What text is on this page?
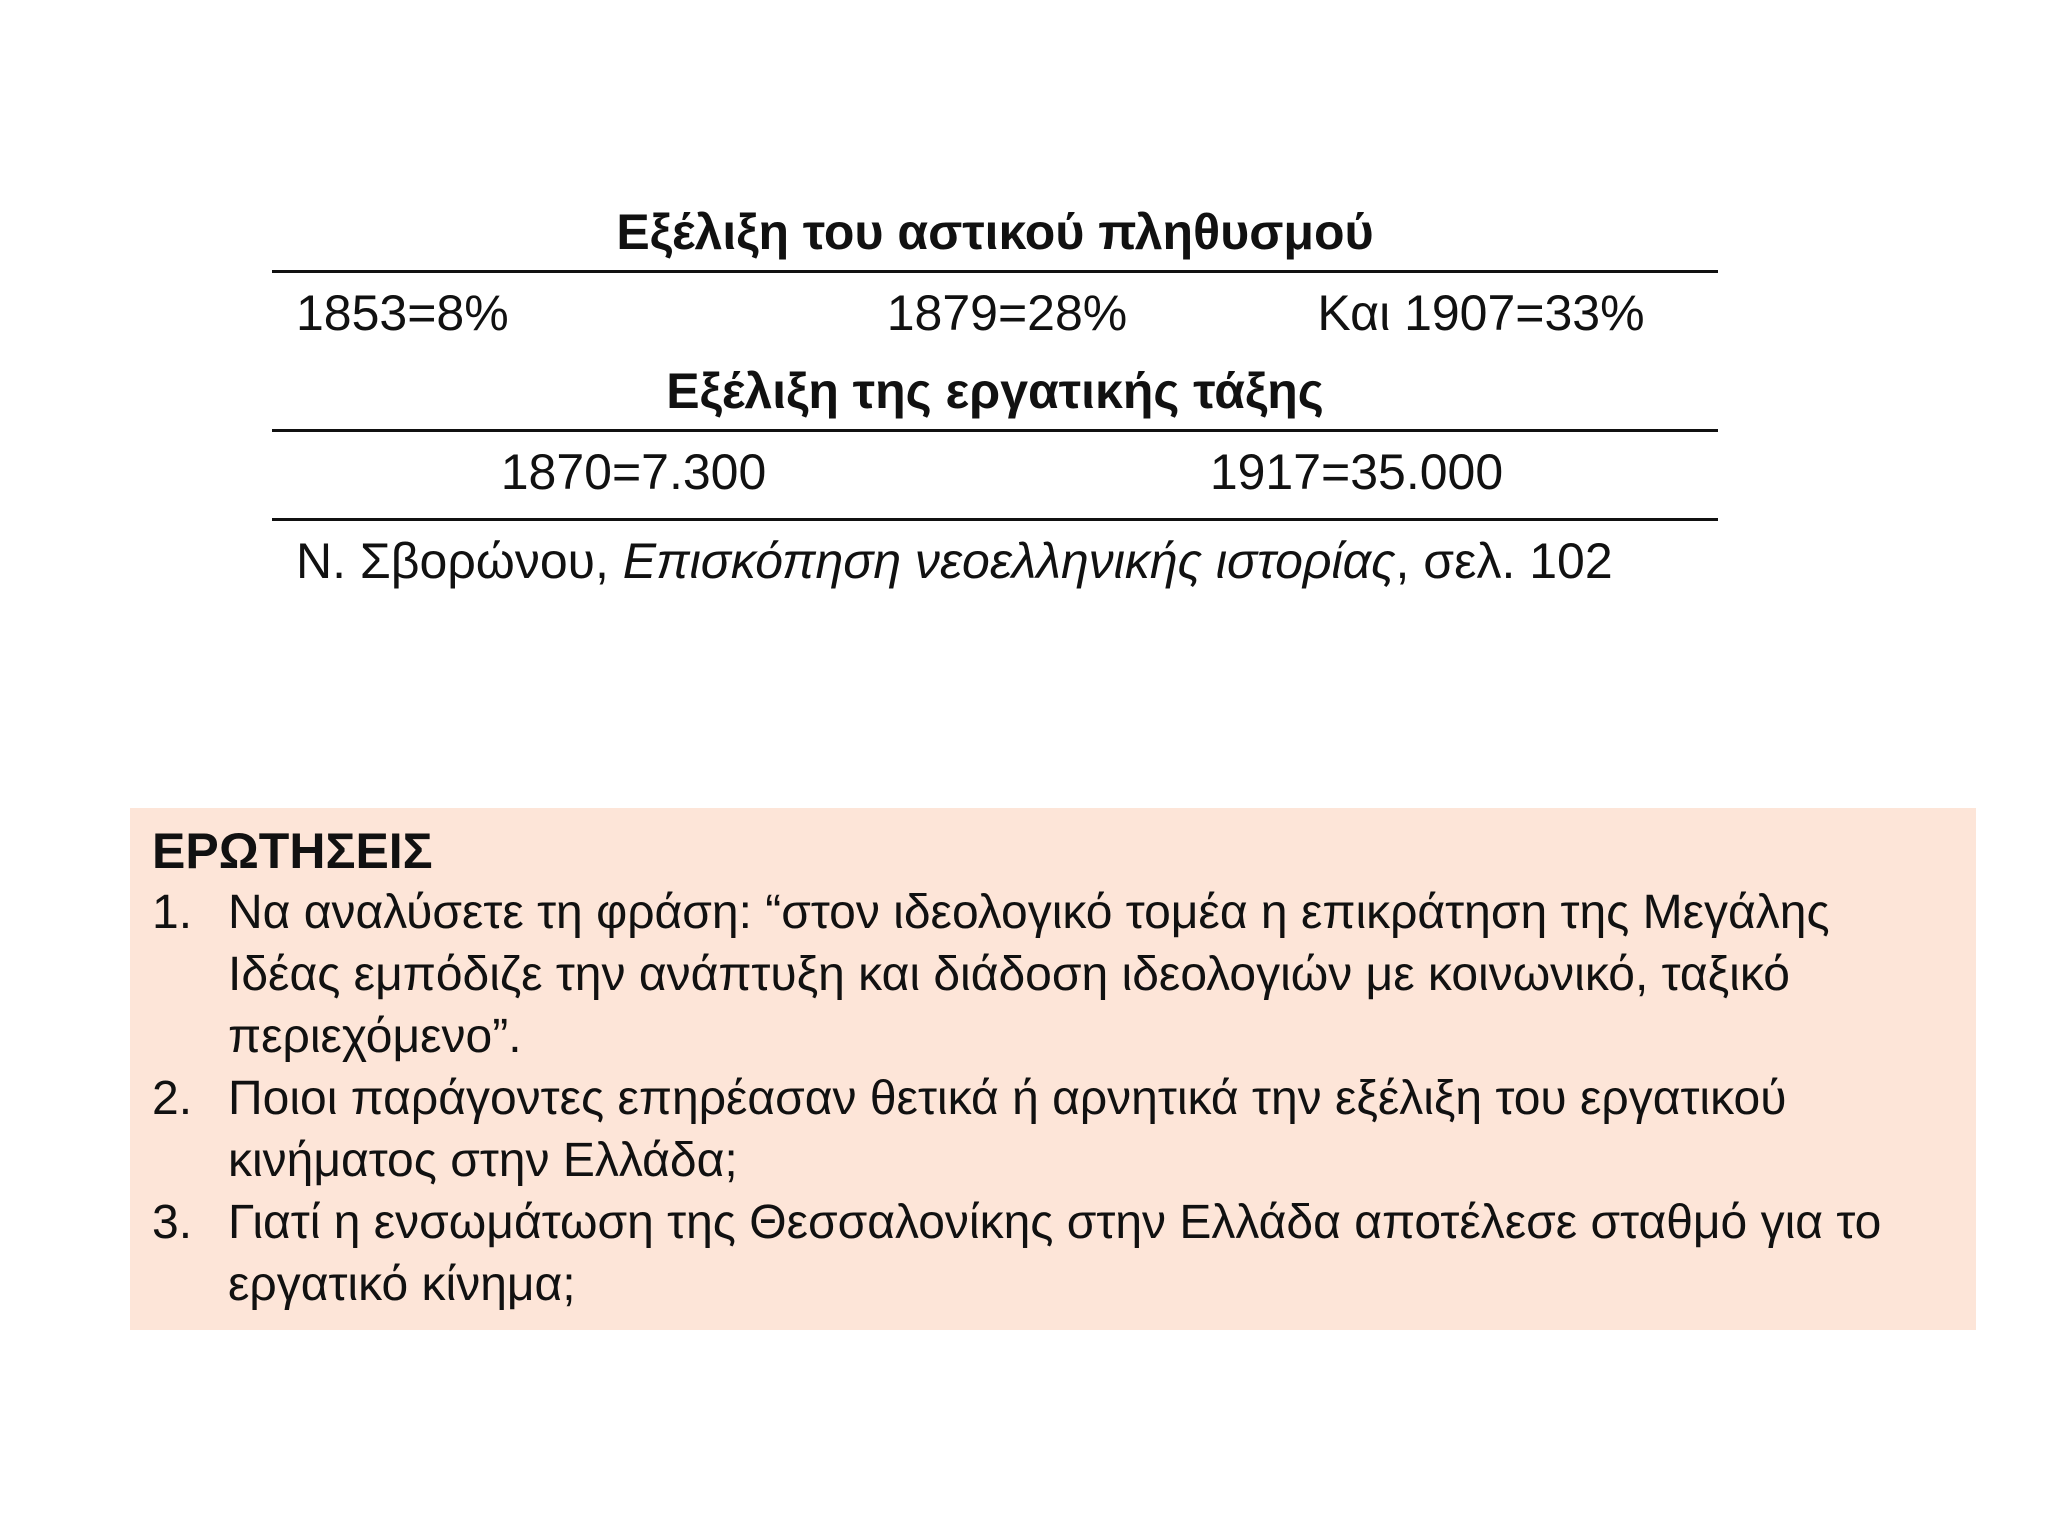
Εξέλιξη του αστικού πληθυσμού
1853=8%	1879=28%	Και 1907=33%
Εξέλιξη της εργατικής τάξης
1870=7.300	1917=35.000
Ν. Σβορώνου, Επισκόπηση νεοελληνικής ιστορίας, σελ. 102
ΕΡΩΤΗΣΕΙΣ
1. Να αναλύσετε τη φράση: “στον ιδεολογικό τομέα η επικράτηση της Μεγάλης Ιδέας εμπόδιζε την ανάπτυξη και διάδοση ιδεολογιών με κοινωνικό, ταξικό περιεχόμενο”.
2. Ποιοι παράγοντες επηρέασαν θετικά ή αρνητικά την εξέλιξη του εργατικού κινήματος στην Ελλάδα;
3. Γιατί η ενσωμάτωση της Θεσσαλονίκης στην Ελλάδα αποτέλεσε σταθμό για το εργατικό κίνημα;
